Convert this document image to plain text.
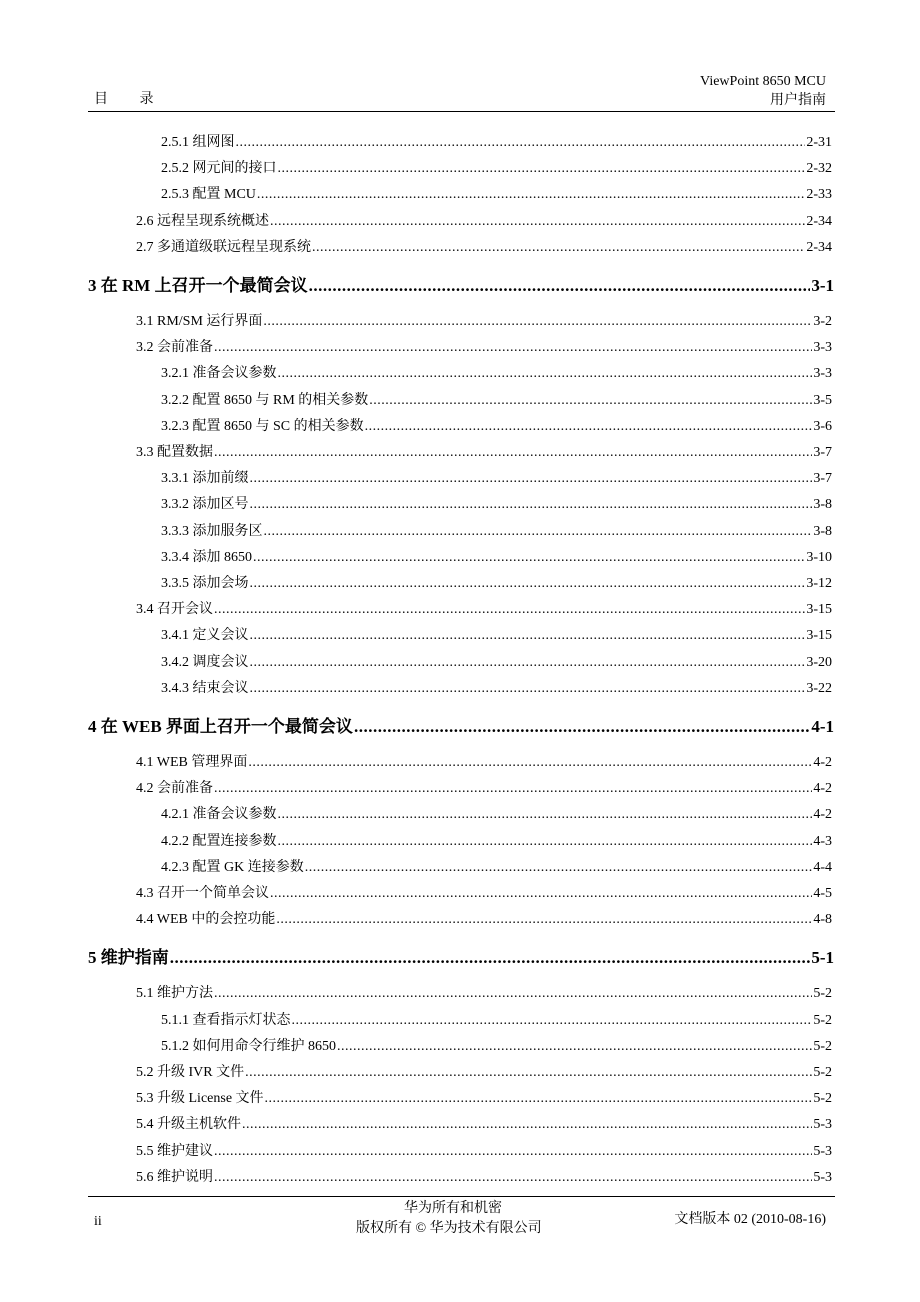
ViewPoint 8650 MCU
用户指南
目 录
2.5.1 组网图 .....	2-31
2.5.2 网元间的接口 .....	2-32
2.5.3 配置 MCU .....	2-33
2.6 远程呈现系统概述 .....	2-34
2.7 多通道级联远程呈现系统 .....	2-34
3 在 RM 上召开一个最简会议 .....	3-1
3.1 RM/SM 运行界面 .....	3-2
3.2 会前准备 .....	3-3
3.2.1 准备会议参数 .....	3-3
3.2.2 配置 8650 与 RM 的相关参数 .....	3-5
3.2.3 配置 8650 与 SC 的相关参数 .....	3-6
3.3 配置数据 .....	3-7
3.3.1 添加前缀 .....	3-7
3.3.2 添加区号 .....	3-8
3.3.3 添加服务区 .....	3-8
3.3.4 添加 8650 .....	3-10
3.3.5 添加会场 .....	3-12
3.4 召开会议 .....	3-15
3.4.1 定义会议 .....	3-15
3.4.2 调度会议 .....	3-20
3.4.3 结束会议 .....	3-22
4 在 WEB 界面上召开一个最简会议 .....	4-1
4.1 WEB 管理界面 .....	4-2
4.2 会前准备 .....	4-2
4.2.1 准备会议参数 .....	4-2
4.2.2 配置连接参数 .....	4-3
4.2.3 配置 GK 连接参数 .....	4-4
4.3 召开一个简单会议 .....	4-5
4.4 WEB 中的会控功能 .....	4-8
5 维护指南 .....	5-1
5.1 维护方法 .....	5-2
5.1.1 查看指示灯状态 .....	5-2
5.1.2 如何用命令行维护 8650 .....	5-2
5.2 升级 IVR 文件 .....	5-2
5.3 升级 License 文件 .....	5-2
5.4 升级主机软件 .....	5-3
5.5 维护建议 .....	5-3
5.6 维护说明 .....	5-3
ii
华为所有和机密
版权所有 © 华为技术有限公司
文档版本 02 (2010-08-16)
